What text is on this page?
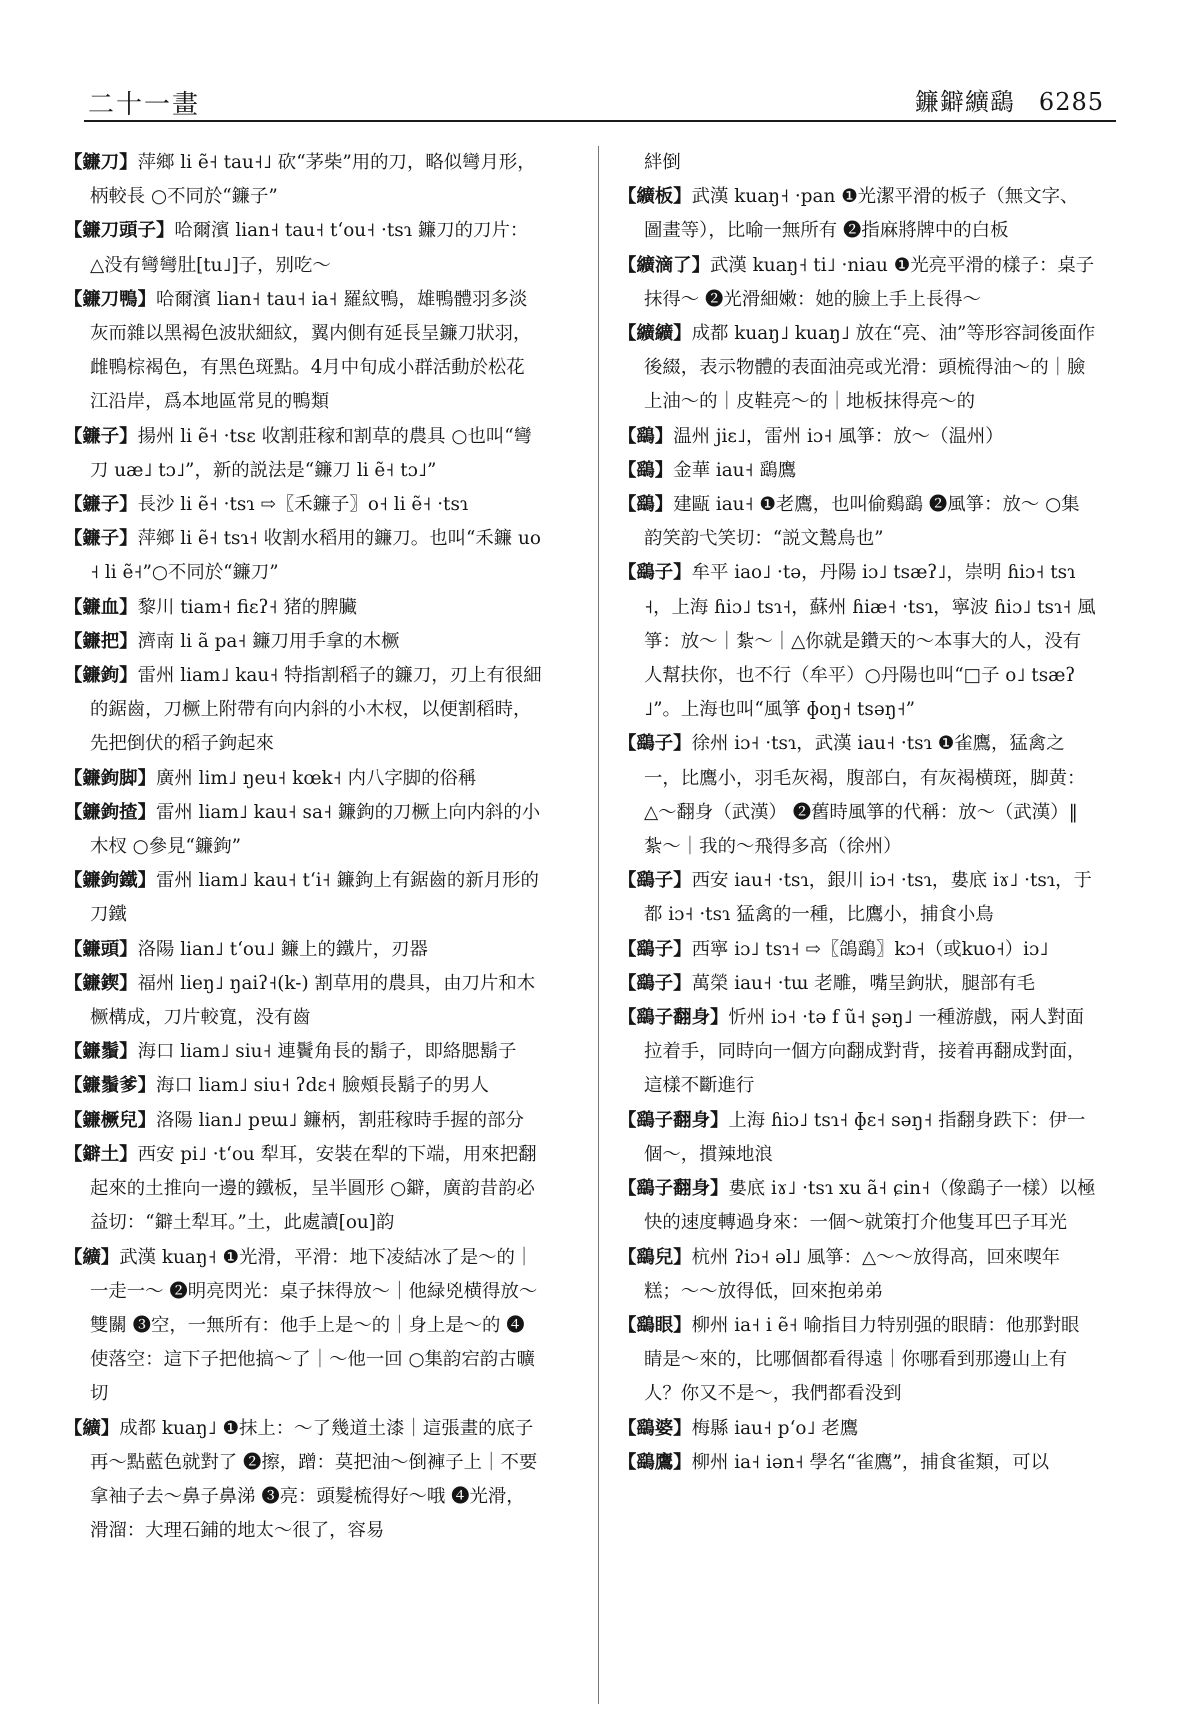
二十一畫	鐮鐴纊鷂 6285
【鐮刀】萍鄉 li ẽ˧ tau˧˩ 砍“茅柴”用的刀，略似彎月形，柄較長 ○不同於“鐮子”
【鐮刀頭子】哈爾濱 lian˧ tau˧ t‘ou˧ ·tsɿ 鐮刀的刀片：△没有彎彎肚[tu˩]子，别吃～
【鐮刀鴨】哈爾濱 lian˧ tau˧ ia˧ 羅紋鴨，雄鴨體羽多淡灰而雜以黑褐色波狀細紋，翼内側有延長呈鐮刀狀羽，雌鴨棕褐色，有黑色斑點。4月中旬成小群活動於松花江沿岸，爲本地區常見的鴨類
【鐮子】揚州 li ẽ˧ ·tsɛ 收割莊稼和割草的農具 ○也叫“彎刀 uæ˩ tɔ˩”，新的説法是“鐮刀 li ẽ˧ tɔ˩”
【鐮子】長沙 li ẽ˧ ·tsɿ ⇨〖禾鐮子〗o˧ li ẽ˧ ·tsɿ
【鐮子】萍鄉 li ẽ˧ tsɿ˧ 收割水稻用的鐮刀。也叫“禾鐮 uo˧ li ẽ˧”○不同於“鐮刀”
【鐮血】黎川 tiam˧ fiɛʔ˧ 猪的脾臟
【鐮把】濟南 li ã pa˧ 鐮刀用手拿的木橛
【鐮鉤】雷州 liam˩ kau˧ 特指割稻子的鐮刀，刃上有很細的鋸齒，刀橛上附帶有向内斜的小木杈，以便割稻時，先把倒伏的稻子鉤起來
【鐮鉤脚】廣州 lim˩ ŋeu˧ kœk˧ 内八字脚的俗稱
【鐮鉤揸】雷州 liam˩ kau˧ sa˧ 鐮鉤的刀橛上向内斜的小木杈 ○參見“鐮鉤”
【鐮鉤鐵】雷州 liam˩ kau˧ t‘i˧ 鐮鉤上有鋸齒的新月形的刀鐵
【鐮頭】洛陽 lian˩ t‘ou˩ 鐮上的鐵片，刃器
【鐮鍥】福州 lieŋ˩ ŋaiʔ˧(k-) 割草用的農具，由刀片和木橛構成，刀片較寬，没有齒
【鐮鬚】海口 liam˩ siu˧ 連鬢角長的鬍子，即絡腮鬍子
【鐮鬚爹】海口 liam˩ siu˧ ʔdɛ˧ 臉頰長鬍子的男人
【鐮橛兒】洛陽 lian˩ pɐɯ˩ 鐮柄，割莊稼時手握的部分
【鐴土】西安 pi˩ ·t‘ou 犁耳，安裝在犁的下端，用來把翻起來的土推向一邊的鐵板，呈半圓形 ○鐴，廣韵昔韵必益切：“鐴土犁耳。”土，此處讀[ou]韵
【纊】武漢 kuaŋ˧ ❶光滑，平滑：地下凌結冰了是～的｜一走一～ ❷明亮閃光：桌子抹得放～｜他緑兇横得放～雙關 ❸空，一無所有：他手上是～的｜身上是～的 ❹使落空：這下子把他搞～了｜～他一回 ○集韵宕韵古曠切
【纊】成都 kuaŋ˩ ❶抹上：～了幾道土漆｜這張畫的底子再～點藍色就對了 ❷擦，蹭：莫把油～倒褲子上｜不要拿袖子去～鼻子鼻涕 ❸亮：頭髮梳得好～哦 ❹光滑，滑溜：大理石鋪的地太～很了，容易
絆倒
【纊板】武漢 kuaŋ˧ ·pan ❶光潔平滑的板子（無文字、圖畫等），比喻一無所有 ❷指麻將牌中的白板
【纊滴了】武漢 kuaŋ˧ ti˩ ·niau ❶光亮平滑的樣子：桌子抹得～ ❷光滑細嫩：她的臉上手上長得～
【纊纊】成都 kuaŋ˩ kuaŋ˩ 放在“亮、油”等形容詞後面作後綴，表示物體的表面油亮或光滑：頭梳得油～的｜臉上油～的｜皮鞋亮～的｜地板抹得亮～的
【鷂】温州 jiɛ˩，雷州 iɔ˧ 風箏：放～（温州）
【鷂】金華 iau˧ 鷂鷹
【鷂】建甌 iau˧ ❶老鷹，也叫偷鷄鷂 ❷風箏：放～ ○集韵笑韵弋笑切：“説文鷙鳥也”
【鷂子】牟平 iao˩ ·tə，丹陽 iɔ˩ tsæʔ˩，崇明 ɦiɔ˧ tsɿ˧，上海 ɦiɔ˩ tsɿ˧，蘇州 ɦiæ˧ ·tsɿ，寧波 ɦiɔ˩ tsɿ˧ 風箏：放～｜紮～｜△你就是鑽天的～本事大的人，没有人幫扶你，也不行（牟平）○丹陽也叫“□子 o˩ tsæʔ˩”。上海也叫“風箏 ɸoŋ˧ tsəŋ˧”
【鷂子】徐州 iɔ˧ ·tsɿ，武漢 iau˧ ·tsɿ ❶雀鷹，猛禽之一，比鷹小，羽毛灰褐，腹部白，有灰褐横斑，脚黄：△～翻身（武漢） ❷舊時風箏的代稱：放～（武漢）‖紮～｜我的～飛得多高（徐州）
【鷂子】西安 iau˧ ·tsɿ，銀川 iɔ˧ ·tsɿ，婁底 iɤ˩ ·tsɿ，于都 iɔ˧ ·tsɿ 猛禽的一種，比鷹小，捕食小鳥
【鷂子】西寧 iɔ˩ tsɿ˧ ⇨〖鴿鷂〗kɔ˧（或kuo˧）iɔ˩
【鷂子】萬榮 iau˧ ·tɯ 老雕，嘴呈鉤狀，腿部有毛
【鷂子翻身】忻州 iɔ˧ ·tə f ũ˧ ʂəŋ˩ 一種游戲，兩人對面拉着手，同時向一個方向翻成對背，接着再翻成對面，這樣不斷進行
【鷂子翻身】上海 ɦiɔ˩ tsɿ˧ ɸɛ˧ səŋ˧ 指翻身跌下：伊一個～，摜辣地浪
【鷂子翻身】婁底 iɤ˩ ·tsɿ xu ã˧ ɕin˧（像鷂子一樣）以極快的速度轉過身來：一個～就策打介他隻耳巴子耳光
【鷂兒】杭州 ʔiɔ˧ əl˩ 風箏：△～～放得高，回來喫年糕；～～放得低，回來抱弟弟
【鷂眼】柳州 ia˧ i ẽ˧ 喻指目力特别强的眼睛：他那對眼睛是～來的，比哪個都看得遠｜你哪看到那邊山上有人？你又不是～，我們都看没到
【鷂婆】梅縣 iau˧ p‘o˩ 老鷹
【鷂鷹】柳州 ia˧ iən˧ 學名“雀鷹”，捕食雀類，可以
